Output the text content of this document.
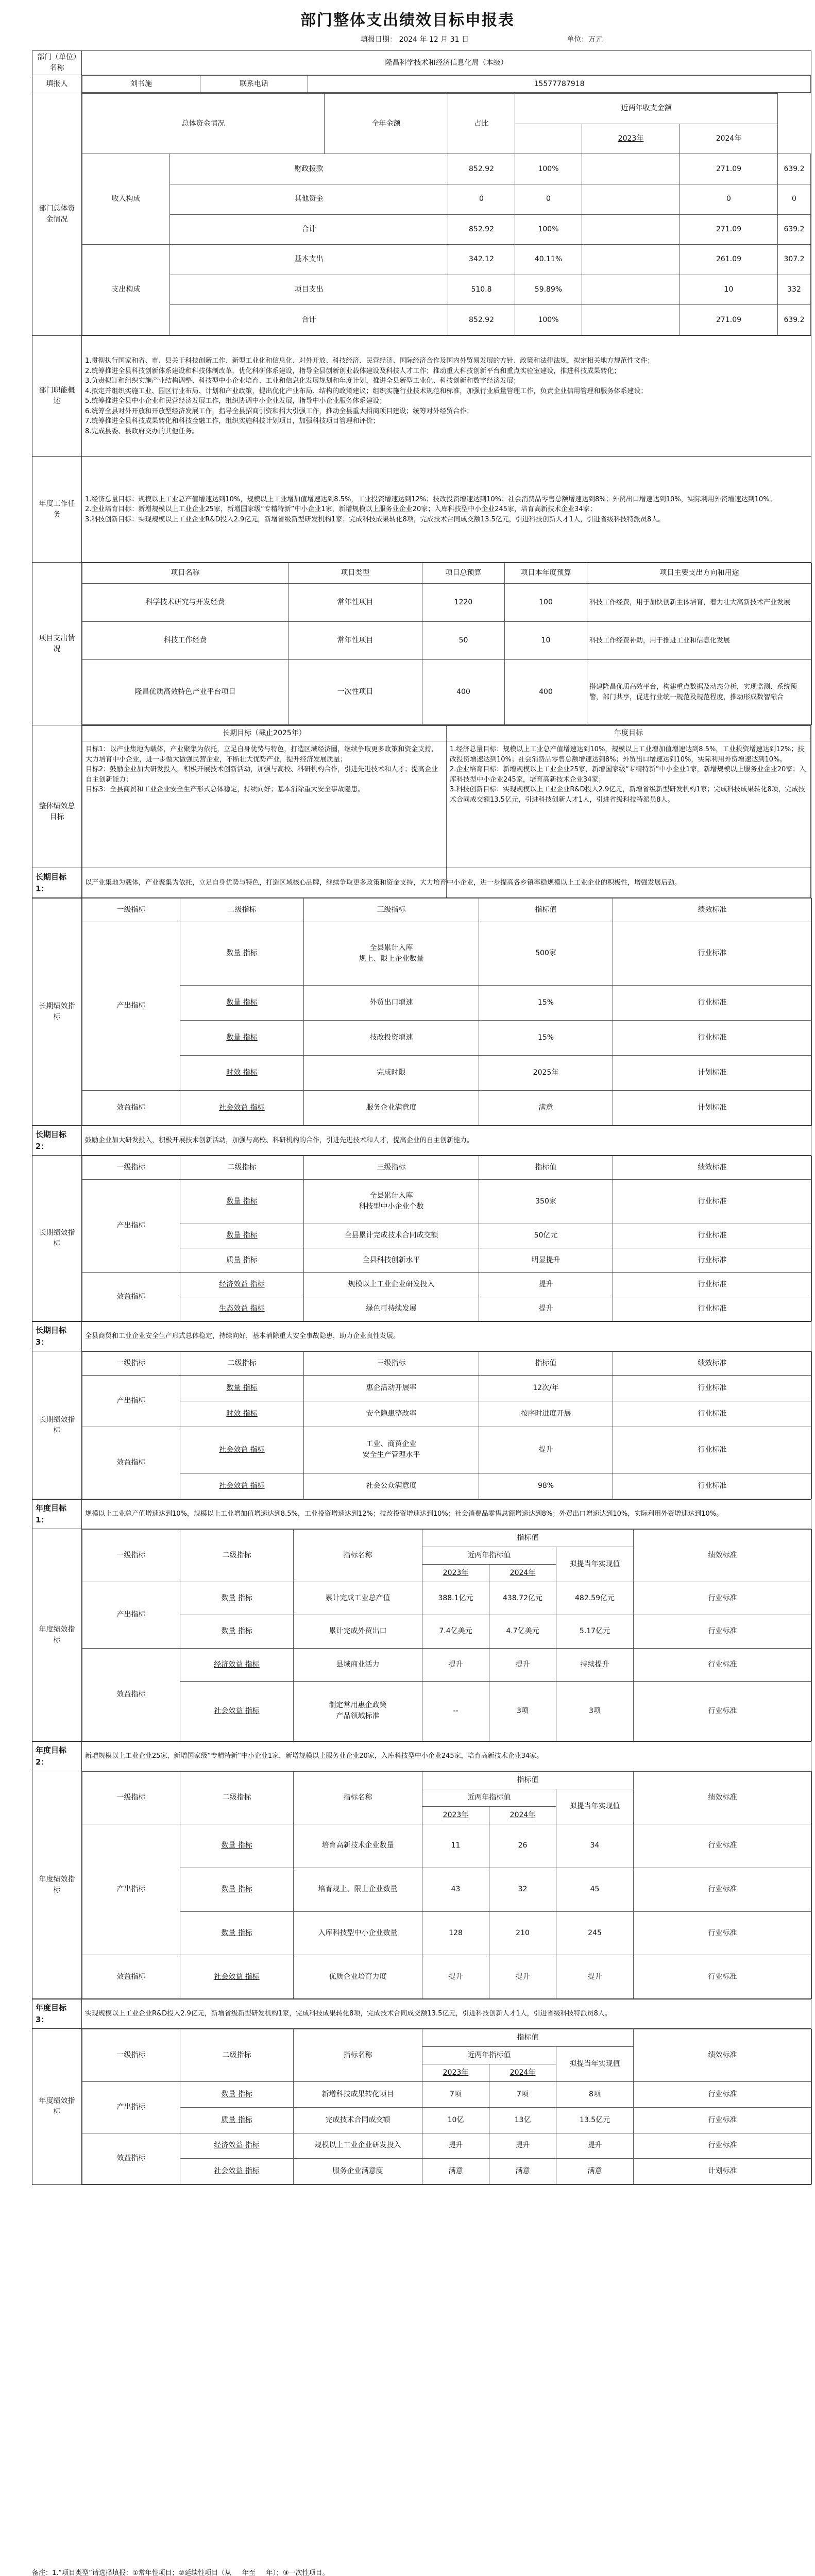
部门整体支出绩效目标申报表
填报日期： 2024 年 12 月 31 日	单位：万元
部门（单位）名称	隆昌科学技术和经济信息化局（本级）
填报人		刘书施	联系电话	15577787918

部门总体资金情况	
总体资金情况	全年金额	占比	近两年收支金额
	2023年	2024年
收入构成	财政拨款	852.92	100%		271.09	639.2
其他资金	0	0		0	0
合计	852.92	100%		271.09	639.2
支出构成	基本支出	342.12	40.11%		261.09	307.2
项目支出	510.8	59.89%		10	332
合计	852.92	100%		271.09	639.2

部门职能概述	1.贯彻执行国家和省、市、县关于科技创新工作、新型工业化和信息化、对外开放、科技经济、民营经济、国际经济合作及国内外贸易发展的方针、政策和法律法规，拟定相关地方规范性文件；
2.统筹推进全县科技创新体系建设和科技体制改革，优化科研体系建设，指导全县创新创业载体建设及科技人才工作；推动重大科技创新平台和重点实验室建设，推进科技成果转化；
3.负责拟订和组织实施产业结构调整、科技型中小企业培育、工业和信息化发展规划和年度计划，推进全县新型工业化、科技创新和数字经济发展；
4.拟定并组织实施工业、园区行业布局、计划和产业政策，提出优化产业布局、结构的政策建议；组织实施行业技术规范和标准，加强行业质量管理工作，负责企业信用管理和服务体系建设；
5.统筹推进全县中小企业和民营经济发展工作，组织协调中小企业发展，指导中小企业服务体系建设；
6.统筹全县对外开放和开放型经济发展工作，指导全县招商引资和招大引强工作，推动全县重大招商项目建设；统筹对外经贸合作；
7.统筹推进全县科技成果转化和科技金融工作，组织实施科技计划项目，加强科技项目管理和评价；
8.完成县委、县政府交办的其他任务。
年度工作任务	1.经济总量目标：规模以上工业总产值增速达到10%，规模以上工业增加值增速达到8.5%，工业投资增速达到12%；技改投资增速达到10%；社会消费品零售总额增速达到8%；外贸出口增速达到10%，实际利用外资增速达到10%。
2.企业培育目标：新增规模以上工业企业25家，新增国家级“专精特新”中小企业1家，新增规模以上服务业企业20家；入库科技型中小企业245家，培育高新技术企业34家；
3.科技创新目标：实现规模以上工业企业R&D投入2.9亿元，新增省级新型研发机构1家；完成科技成果转化8项，完成技术合同成交额13.5亿元，引进科技创新人才1人，引进省级科技特派员8人。
项目支出情况	
项目名称	项目类型	项目总预算	项目本年度预算	项目主要支出方向和用途
科学技术研究与开发经费	常年性项目	1220	100	科技工作经费，用于加快创新主体培育，着力壮大高新技术产业发展
科技工作经费	常年性项目	50	10	科技工作经费补助，用于推进工业和信息化发展
隆昌优质高效特色产业平台项目	一次性项目	400	400	搭建隆昌优质高效平台，构建重点数据及动态分析，实现监测、系统预警，部门共享，促进行业统一规范及规范程度，推动形成数智融合

整体绩效总目标	
长期目标（截止2025年）	年度目标
目标1：以产业集地为载体，产业聚集为依托，立足自身优势与特色，打造区域经济圈，继续争取更多政策和资金支持，大力培育中小企业，进一步做大做强民营企业，不断壮大优势产业，提升经济发展质量；
目标2：鼓励企业加大研发投入，积极开展技术创新活动，加强与高校、科研机构合作，引进先进技术和人才；提高企业自主创新能力；
目标3：全县商贸和工业企业安全生产形式总体稳定，持续向好；基本消除重大安全事故隐患。	1.经济总量目标：规模以上工业总产值增速达到10%，规模以上工业增加值增速达到8.5%，工业投资增速达到12%；技改投资增速达到10%；社会消费品零售总额增速达到8%；外贸出口增速达到10%，实际利用外资增速达到10%。
2.企业培育目标：新增规模以上工业企业25家，新增国家级“专精特新”中小企业1家，新增规模以上服务业企业20家；入库科技型中小企业245家，培育高新技术企业34家；
3.科技创新目标：实现规模以上工业企业R&D投入2.9亿元，新增省级新型研发机构1家；完成科技成果转化8项，完成技术合同成交额13.5亿元，引进科技创新人才1人，引进省级科技特派员8人。
长期目标1：	以产业集地为载体，产业聚集为依托，立足自身优势与特色，打造区域核心品牌，继续争取更多政策和资金支持，大力培育中小企业，进一步提高各乡镇率稳规模以上工业企业的积极性，增强发展后劲。
长期绩效指标	
一级指标	二级指标	三级指标	指标值	绩效标准
产出指标	数量 指标	全县累计入库
规上、限上企业数量	500家	行业标准
数量 指标	外贸出口增速	15%	行业标准
数量 指标	技改投资增速	15%	行业标准
时效 指标	完成时限	2025年	计划标准
效益指标	社会效益 指标	服务企业满意度	满意	计划标准
长期目标2：	鼓励企业加大研发投入，积极开展技术创新活动，加强与高校、科研机构的合作，引进先进技术和人才，提高企业的自主创新能力。
长期绩效指标	
一级指标	二级指标	三级指标	指标值	绩效标准
产出指标	数量 指标	全县累计入库
科技型中小企业个数	350家	行业标准
数量 指标	全县累计完成技术合同成交额	50亿元	行业标准
质量 指标	全县科技创新水平	明显提升	行业标准
效益指标	经济效益 指标	规模以上工业企业研发投入	提升	行业标准
生态效益 指标	绿色可持续发展	提升	行业标准
长期目标3：	全县商贸和工业企业安全生产形式总体稳定，持续向好，基本消除重大安全事故隐患，助力企业良性发展。
长期绩效指标	
一级指标	二级指标	三级指标	指标值	绩效标准
产出指标	数量 指标	惠企活动开展率	12次/年	行业标准
时效 指标	安全隐患整改率	按序时进度开展	行业标准
效益指标	社会效益 指标	工业、商贸企业
安全生产管理水平	提升	行业标准
社会效益 指标	社会公众满意度	98%	行业标准
年度目标1：	规模以上工业总产值增速达到10%，规模以上工业增加值增速达到8.5%，工业投资增速达到12%；技改投资增速达到10%；社会消费品零售总额增速达到8%；外贸出口增速达到10%，实际利用外资增速达到10%。
年度绩效指标	
一级指标	二级指标	指标名称	指标值	绩效标准
近两年指标值	拟提当年实现值
2023年	2024年
产出指标	数量 指标	累计完成工业总产值	388.1亿元	438.72亿元	482.59亿元	行业标准
数量 指标	累计完成外贸出口	7.4亿美元	4.7亿美元	5.17亿元	行业标准
效益指标	经济效益 指标	县域商业活力	提升	提升	持续提升	行业标准
社会效益 指标	制定常用惠企政策
产品领域标准	--	3项	3项	行业标准
年度目标2：	新增规模以上工业企业25家，新增国家级“专精特新”中小企业1家，新增规模以上服务业企业20家，入库科技型中小企业245家，培育高新技术企业34家。
年度绩效指标	
一级指标	二级指标	指标名称	指标值	绩效标准
近两年指标值	拟提当年实现值
2023年	2024年
产出指标	数量 指标	培育高新技术企业数量	11	26	34	行业标准
数量 指标	培育规上、限上企业数量	43	32	45	行业标准
数量 指标	入库科技型中小企业数量	128	210	245	行业标准
效益指标	社会效益 指标	优质企业培育力度	提升	提升	提升	行业标准
年度目标3：	实现规模以上工业企业R&D投入2.9亿元，新增省级新型研发机构1家，完成科技成果转化8项，完成技术合同成交额13.5亿元，引进科技创新人才1人，引进省级科技特派员8人。
年度绩效指标	
一级指标	二级指标	指标名称	指标值	绩效标准
近两年指标值	拟提当年实现值
2023年	2024年
产出指标	数量 指标	新增科技成果转化项目	7项	7项	8项	行业标准
质量 指标	完成技术合同成交额	10亿	13亿	13.5亿元	行业标准
效益指标	经济效益 指标	规模以上工业企业研发投入	提升	提升	提升	行业标准
社会效益 指标	服务企业满意度	满意	满意	满意	计划标准
备注：1.“项目类型”请选择填报：①常年性项目；②延续性项目（从     年至     年）；③一次性项目。
